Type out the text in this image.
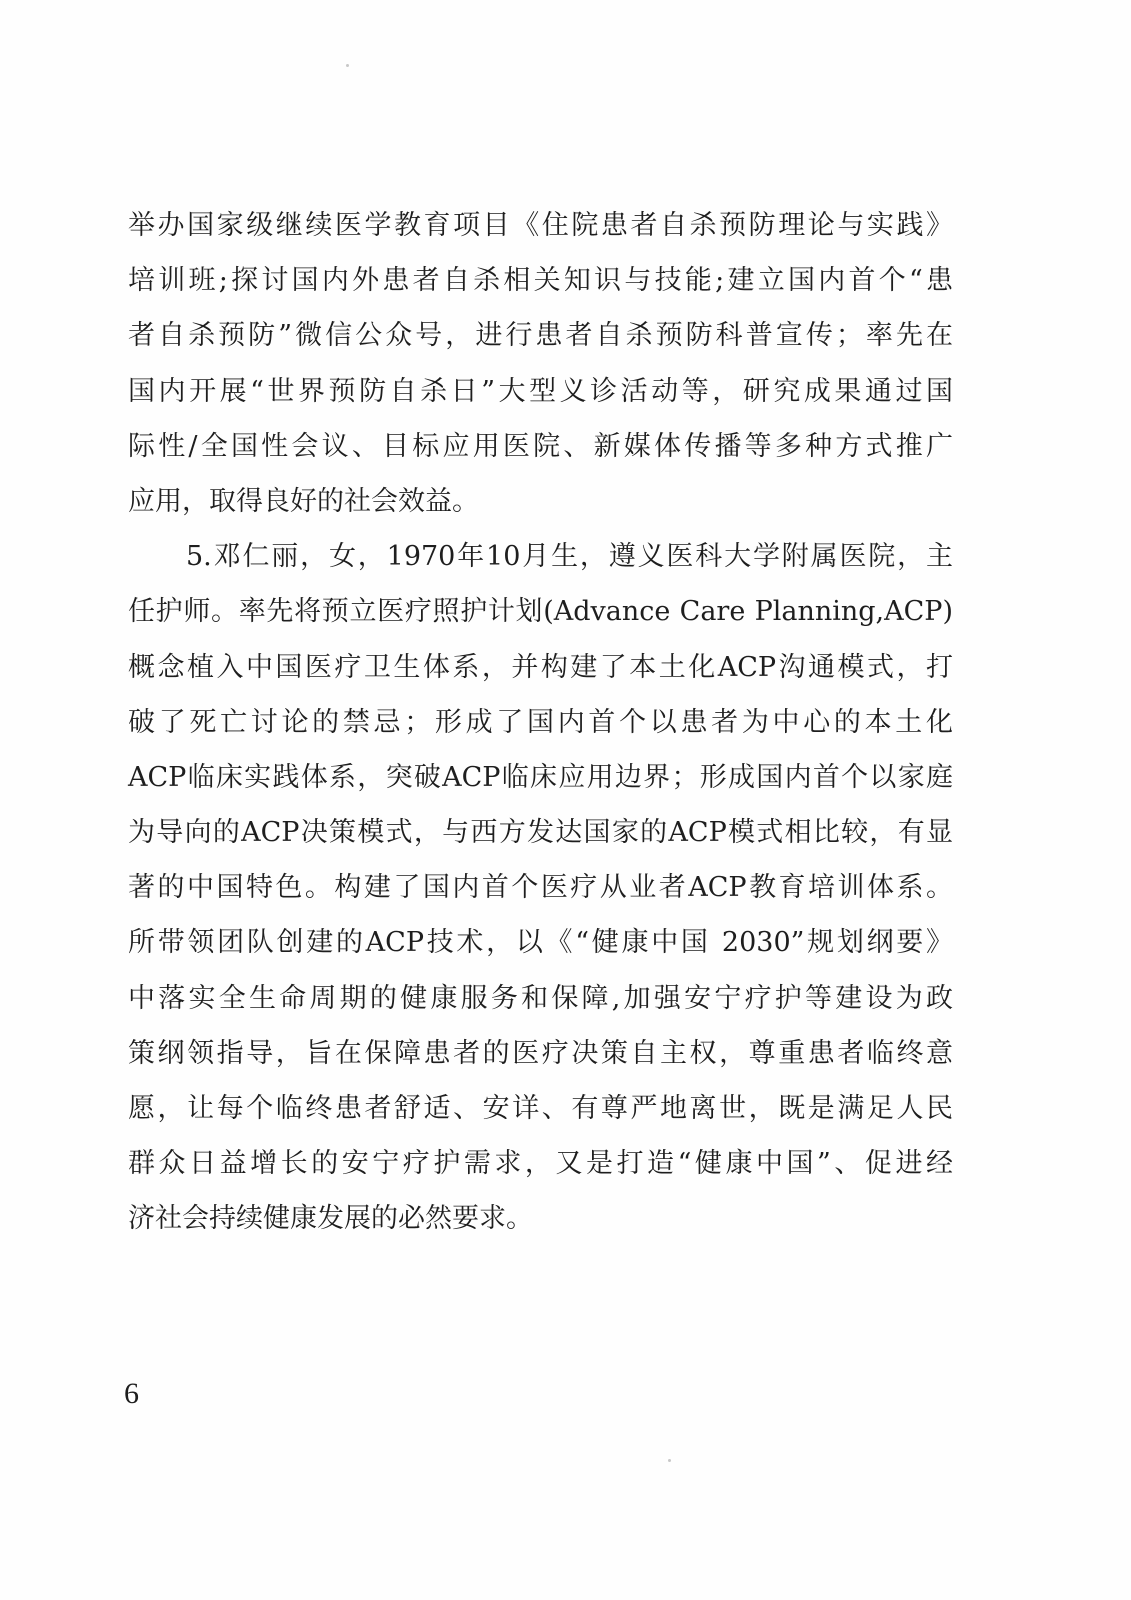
举办国家级继续医学教育项目《住院患者自杀预防理论与实践》
培训班;探讨国内外患者自杀相关知识与技能;建立国内首个“患
者自杀预防”微信公众号，进行患者自杀预防科普宣传；率先在
国内开展“世界预防自杀日”大型义诊活动等，研究成果通过国
际性/全国性会议、目标应用医院、新媒体传播等多种方式推广
应用，取得良好的社会效益。
5.邓仁丽，女，1970年10月生，遵义医科大学附属医院，主
任护师。率先将预立医疗照护计划(Advance Care Planning,ACP)
概念植入中国医疗卫生体系，并构建了本土化ACP沟通模式，打
破了死亡讨论的禁忌；形成了国内首个以患者为中心的本土化
ACP临床实践体系，突破ACP临床应用边界；形成国内首个以家庭
为导向的ACP决策模式，与西方发达国家的ACP模式相比较，有显
著的中国特色。构建了国内首个医疗从业者ACP教育培训体系。
所带领团队创建的ACP技术，以《“健康中国 2030”规划纲要》
中落实全生命周期的健康服务和保障,加强安宁疗护等建设为政
策纲领指导，旨在保障患者的医疗决策自主权，尊重患者临终意
愿，让每个临终患者舒适、安详、有尊严地离世，既是满足人民
群众日益增长的安宁疗护需求，又是打造“健康中国”、促进经
济社会持续健康发展的必然要求。
6
